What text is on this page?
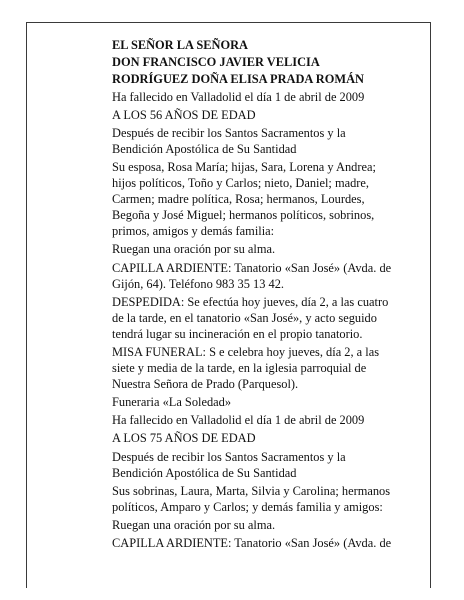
EL SEÑOR LA SEÑORA

DON FRANCISCO JAVIER VELICIA

RODRÍGUEZ DOÑA ELISA PRADA ROMÁN

Ha fallecido en Valladolid el día 1 de abril de 2009

A LOS 56 AÑOS DE EDAD

Después de recibir los Santos Sacramentos y la
Bendición Apostólica de Su Santidad

Su esposa, Rosa María; hijas, Sara, Lorena y Andrea;
hijos políticos, Toño y Carlos; nieto, Daniel; madre,
Carmen; madre política, Rosa; hermanos, Lourdes,
Begoña y José Miguel; hermanos políticos, sobrinos,
primos, amigos y demás familia:

Ruegan una oración por su alma.

CAPILLA ARDIENTE: Tanatorio «San José» (Avda. de
Gijón, 64). Teléfono 983 35 13 42.

DESPEDIDA: Se efectúa hoy jueves, día 2, a las cuatro
de la tarde, en el tanatorio «San José», y acto seguido
tendrá lugar su incineración en el propio tanatorio.

MISA FUNERAL: S e celebra hoy jueves, día 2, a las
siete y media de la tarde, en la iglesia parroquial de
Nuestra Señora de Prado (Parquesol).

Funeraria «La Soledad»

Ha fallecido en Valladolid el día 1 de abril de 2009

A LOS 75 AÑOS DE EDAD

Después de recibir los Santos Sacramentos y la
Bendición Apostólica de Su Santidad

Sus sobrinas, Laura, Marta, Silvia y Carolina; hermanos
políticos, Amparo y Carlos; y demás familia y amigos:

Ruegan una oración por su alma.

CAPILLA ARDIENTE: Tanatorio «San José» (Avda. de
